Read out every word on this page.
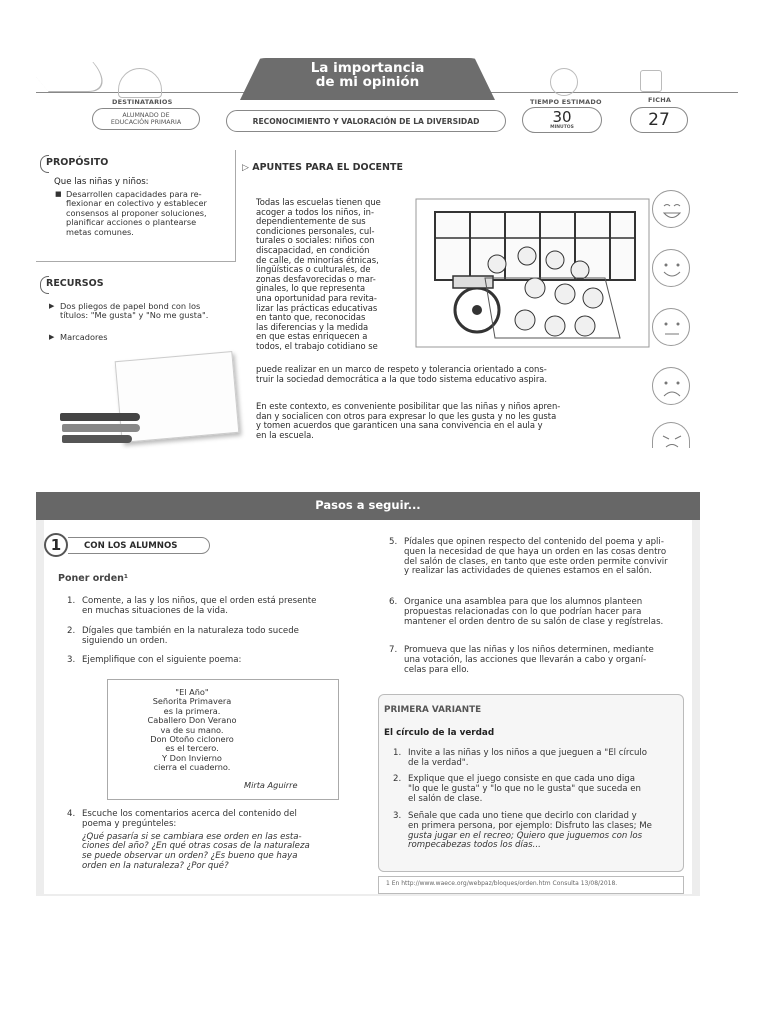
La importancia
de mi opinión
DESTINATARIOS
ALUMNADO DE
EDUCACIÓN PRIMARIA	RECONOCIMIENTO Y VALORACIÓN DE LA DIVERSIDAD
TIEMPO ESTIMADO
30
MINUTOS
FICHA
27
PROPÓSITO
Que las niñas y niños:
■ Desarrollen capacidades para re-
flexionar en colectivo y establecer
consensos al proponer soluciones,
planificar acciones o plantearse
metas comunes.
RECURSOS
▶ Dos pliegos de papel bond con los
títulos: "Me gusta" y "No me gusta".
▶ Marcadores
▷ APUNTES PARA EL DOCENTE
Todas las escuelas tienen que
acoger a todos los niños, in-
dependientemente de sus
condiciones personales, cul-
turales o sociales: niños con
discapacidad, en condición
de calle, de minorías étnicas,
lingüísticas o culturales, de
zonas desfavorecidas o mar-
ginales, lo que representa
una oportunidad para revita-
lizar las prácticas educativas
en tanto que, reconocidas
las diferencias y la medida
en que estas enriquecen a
todos, el trabajo cotidiano se
puede realizar en un marco de respeto y tolerancia orientado a cons-
truir la sociedad democrática a la que todo sistema educativo aspira.
En este contexto, es conveniente posibilitar que las niñas y niños apren-
dan y socialicen con otros para expresar lo que les gusta y no les gusta
y tomen acuerdos que garanticen una sana convivencia en el aula y
en la escuela.
Pasos a seguir...
CON LOS ALUMNOS
1
Poner orden¹
1. Comente, a las y los niños, que el orden está presente
en muchas situaciones de la vida.
2. Dígales que también en la naturaleza todo sucede
siguiendo un orden.
3. Ejemplifique con el siguiente poema:
"El Año"
Señorita Primavera
es la primera.
Caballero Don Verano
va de su mano.
Don Otoño ciclonero
es el tercero.
Y Don Invierno
cierra el cuaderno.
Mirta Aguirre
4. Escuche los comentarios acerca del contenido del
poema y pregúnteles:
¿Qué pasaría si se cambiara ese orden en las esta-
ciones del año? ¿En qué otras cosas de la naturaleza
se puede observar un orden? ¿Es bueno que haya
orden en la naturaleza? ¿Por qué?
5. Pídales que opinen respecto del contenido del poema y apli-
quen la necesidad de que haya un orden en las cosas dentro
del salón de clases, en tanto que este orden permite convivir
y realizar las actividades de quienes estamos en el salón.
6. Organice una asamblea para que los alumnos planteen
propuestas relacionadas con lo que podrían hacer para
mantener el orden dentro de su salón de clase y regístrelas.
7. Promueva que las niñas y los niños determinen, mediante
una votación, las acciones que llevarán a cabo y organí-
celas para ello.
PRIMERA VARIANTE
El círculo de la verdad
1. Invite a las niñas y los niños a que jueguen a "El círculo
de la verdad".
2. Explique que el juego consiste en que cada uno diga
"lo que le gusta" y "lo que no le gusta" que suceda en
el salón de clase.
3. Señale que cada uno tiene que decirlo con claridad y
en primera persona, por ejemplo: Disfruto las clases; Me
gusta jugar en el recreo; Quiero que juguemos con los
rompecabezas todos los días...
1 En http://www.waece.org/webpaz/bloques/orden.htm Consulta 13/08/2018.
